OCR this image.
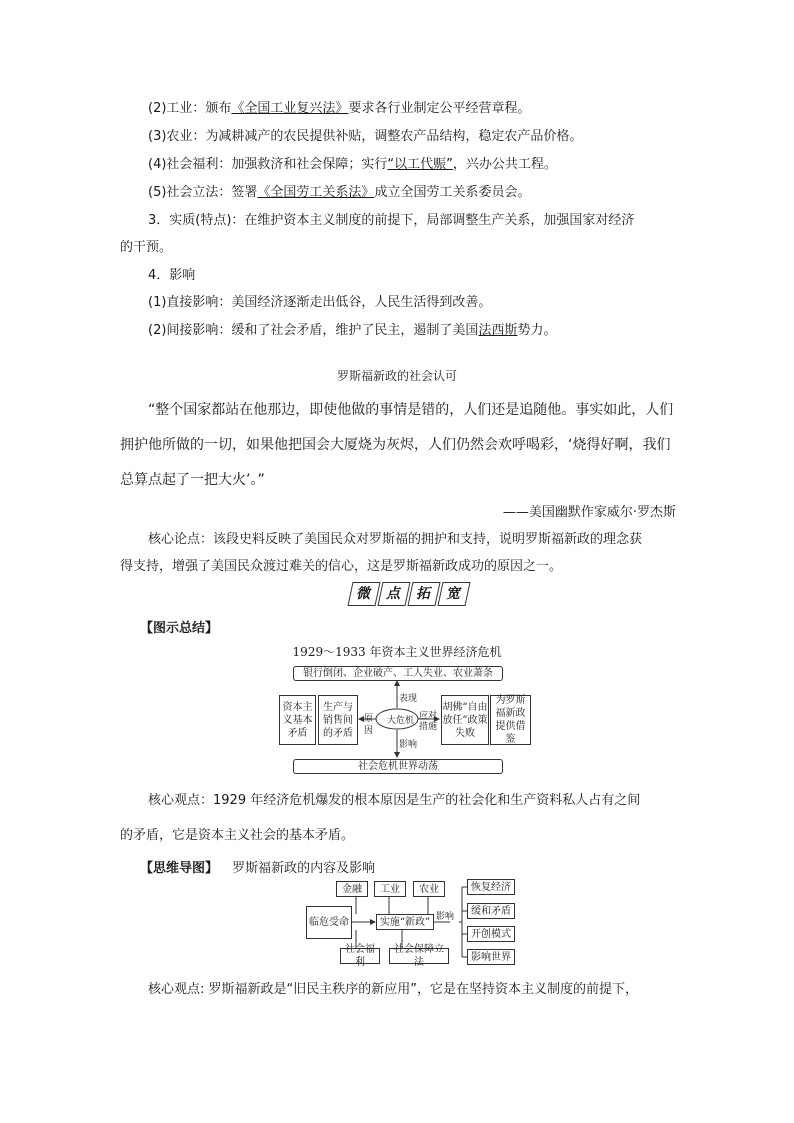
(2)工业：颁布《全国工业复兴法》要求各行业制定公平经营章程。
(3)农业：为减耕减产的农民提供补贴，调整农产品结构，稳定农产品价格。
(4)社会福利：加强救济和社会保障；实行“以工代赈”，兴办公共工程。
(5)社会立法：签署《全国劳工关系法》成立全国劳工关系委员会。
3．实质(特点)：在维护资本主义制度的前提下，局部调整生产关系，加强国家对经济
的干预。
4．影响
(1)直接影响：美国经济逐渐走出低谷，人民生活得到改善。
(2)间接影响：缓和了社会矛盾，维护了民主，遏制了美国法西斯势力。
罗斯福新政的社会认可
“整个国家都站在他那边，即使他做的事情是错的，人们还是追随他。事实如此，人们
拥护他所做的一切，如果他把国会大厦烧为灰烬，人们仍然会欢呼喝彩，‘烧得好啊，我们
总算点起了一把大火’。”
——美国幽默作家威尔·罗杰斯
核心论点：该段史料反映了美国民众对罗斯福的拥护和支持，说明罗斯福新政的理念获
得支持，增强了美国民众渡过难关的信心，这是罗斯福新政成功的原因之一。
微 点 拓 宽
【图示总结】
1929～1933 年资本主义世界经济危机
银行倒闭、企业破产、工人失业、农业萧条
资本主义基本矛盾
生产与销售间的矛盾
大危机
胡佛“自由放任”政策失败
为罗斯福新政提供借鉴
社会危机世界动荡
表现
原因
应对措施
影响
核心观点：1929 年经济危机爆发的根本原因是生产的社会化和生产资料私人占有之间
的矛盾，它是资本主义社会的基本矛盾。
【思维导图】 罗斯福新政的内容及影响
金融	工业	农业
临危受命	实施“新政” 影响
社会福利
社会保障立法
恢复经济
缓和矛盾
开创模式
影响世界
核心观点: 罗斯福新政是“旧民主秩序的新应用”，它是在坚持资本主义制度的前提下，
